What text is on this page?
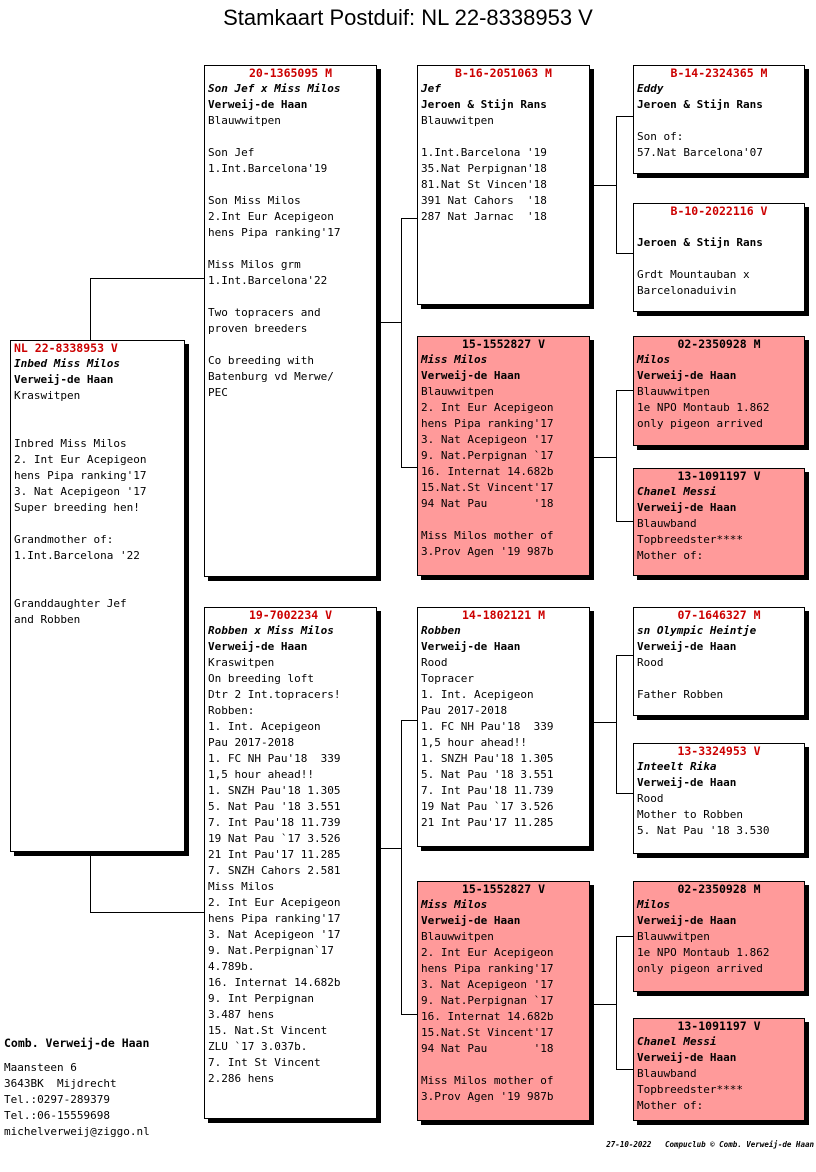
Stamkaart Postduif: NL 22-8338953 V
NL 22-8338953 V
Inbed Miss Milos
Verweij-de Haan
Kraswitpen
Inbred Miss Milos
2. Int Eur Acepigeon
hens Pipa ranking'17
3. Nat Acepigeon '17
Super breeding hen!
Grandmother of:
1.Int.Barcelona '22
Granddaughter Jef
and Robben
20-1365095 M
Son Jef x Miss Milos
Verweij-de Haan
Blauwwitpen
Son Jef
1.Int.Barcelona'19
Son Miss Milos
2.Int Eur Acepigeon
hens Pipa ranking'17
Miss Milos grm
1.Int.Barcelona'22
Two topracers and
proven breeders
Co breeding with
Batenburg vd Merwe/
PEC
19-7002234 V
Robben x Miss Milos
Verweij-de Haan
Kraswitpen
On breeding loft
Dtr 2 Int.topracers!
Robben:
1. Int. Acepigeon
Pau 2017-2018
1. FC NH Pau'18  339
1,5 hour ahead!!
1. SNZH Pau'18 1.305
5. Nat Pau '18 3.551
7. Int Pau'18 11.739
19 Nat Pau `17 3.526
21 Int Pau'17 11.285
7. SNZH Cahors 2.581
Miss Milos
2. Int Eur Acepigeon
hens Pipa ranking'17
3. Nat Acepigeon '17
9. Nat.Perpignan`17
4.789b.
16. Internat 14.682b
9. Int Perpignan
3.487 hens
15. Nat.St Vincent
ZLU `17 3.037b.
7. Int St Vincent
2.286 hens
B-16-2051063 M
Jef
Jeroen & Stijn Rans
Blauwwitpen
1.Int.Barcelona '19
35.Nat Perpignan'18
81.Nat St Vincen'18
391 Nat Cahors  '18
287 Nat Jarnac  '18
15-1552827 V
Miss Milos
Verweij-de Haan
Blauwwitpen
2. Int Eur Acepigeon
hens Pipa ranking'17
3. Nat Acepigeon '17
9. Nat.Perpignan `17
16. Internat 14.682b
15.Nat.St Vincent'17
94 Nat Pau       '18
Miss Milos mother of
3.Prov Agen '19 987b
14-1802121 M
Robben
Verweij-de Haan
Rood
Topracer
1. Int. Acepigeon
Pau 2017-2018
1. FC NH Pau'18  339
1,5 hour ahead!!
1. SNZH Pau'18 1.305
5. Nat Pau '18 3.551
7. Int Pau'18 11.739
19 Nat Pau `17 3.526
21 Int Pau'17 11.285
15-1552827 V
Miss Milos
Verweij-de Haan
Blauwwitpen
2. Int Eur Acepigeon
hens Pipa ranking'17
3. Nat Acepigeon '17
9. Nat.Perpignan `17
16. Internat 14.682b
15.Nat.St Vincent'17
94 Nat Pau       '18
Miss Milos mother of
3.Prov Agen '19 987b
B-14-2324365 M
Eddy
Jeroen & Stijn Rans
Son of:
57.Nat Barcelona'07
B-10-2022116 V
Jeroen & Stijn Rans
Grdt Mountauban x
Barcelonaduivin
02-2350928 M
Milos
Verweij-de Haan
Blauwwitpen
1e NPO Montaub 1.862
only pigeon arrived
13-1091197 V
Chanel Messi
Verweij-de Haan
Blauwband
Topbreedster****
Mother of:
07-1646327 M
sn Olympic Heintje
Verweij-de Haan
Rood
Father Robben
13-3324953 V
Inteelt Rika
Verweij-de Haan
Rood
Mother to Robben
5. Nat Pau '18 3.530
02-2350928 M
Milos
Verweij-de Haan
Blauwwitpen
1e NPO Montaub 1.862
only pigeon arrived
13-1091197 V
Chanel Messi
Verweij-de Haan
Blauwband
Topbreedster****
Mother of:
Comb. Verweij-de Haan
Maansteen 6
3643BK  Mijdrecht
Tel.:0297-289379
Tel.:06-15559698
michelverweij@ziggo.nl
27-10-2022   Compuclub © Comb. Verweij-de Haan
